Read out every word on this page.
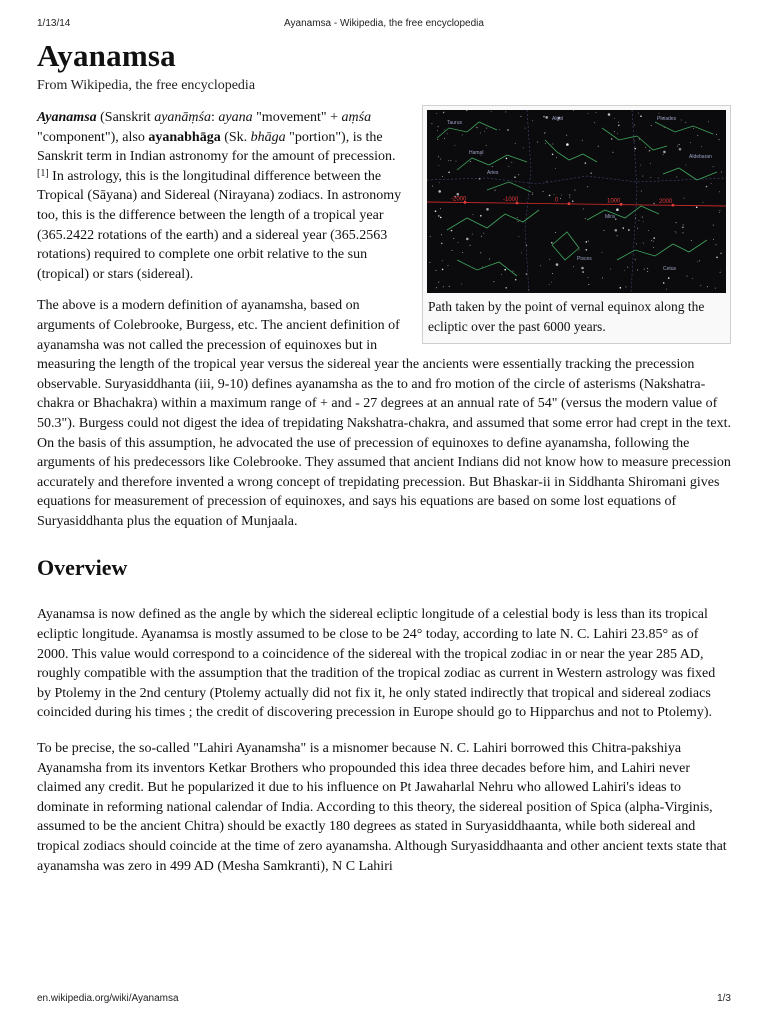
1/13/14	Ayanamsa - Wikipedia, the free encyclopedia
Ayanamsa
From Wikipedia, the free encyclopedia
-2000	-1000	0	1000	2000
Aries
Pisces
Cetus
Taurus
Hamal
Mira
Algol
Aldebaran
Pleiades
Path taken by the point of vernal equinox along the ecliptic over the past 6000 years.

Ayanamsa (Sanskrit ayanāṃśa: ayana "movement" + aṃśa "component"), also ayanabhāga (Sk. bhāga "portion"), is the Sanskrit term in Indian astronomy for the amount of precession.[1] In astrology, this is the longitudinal difference between the Tropical (Sāyana) and Sidereal (Nirayana) zodiacs. In astronomy too, this is the difference between the length of a tropical year (365.2422 rotations of the earth) and a sidereal year (365.2563 rotations) required to complete one orbit relative to the sun (tropical) or stars (sidereal).

The above is a modern definition of ayanamsha, based on arguments of Colebrooke, Burgess, etc. The ancient definition of ayanamsha was not called the precession of equinoxes but in measuring the length of the tropical year versus the sidereal year the ancients were essentially tracking the precession observable. Suryasiddhanta (iii, 9-10) defines ayanamsha as the to and fro motion of the circle of asterisms (Nakshatra-chakra or Bhachakra) within a maximum range of + and - 27 degrees at an annual rate of 54" (versus the modern value of 50.3"). Burgess could not digest the idea of trepidating Nakshatra-chakra, and assumed that some error had crept in the text. On the basis of this assumption, he advocated the use of precession of equinoxes to define ayanamsha, following the arguments of his predecessors like Colebrooke. They assumed that ancient Indians did not know how to measure precession accurately and therefore invented a wrong concept of trepidating precession. But Bhaskar-ii in Siddhanta Shiromani gives equations for measurement of precession of equinoxes, and says his equations are based on some lost equations of Suryasiddhanta plus the equation of Munjaala.

Overview

Ayanamsa is now defined as the angle by which the sidereal ecliptic longitude of a celestial body is less than its tropical ecliptic longitude. Ayanamsa is mostly assumed to be close to be 24° today, according to late N. C. Lahiri 23.85° as of 2000. This value would correspond to a coincidence of the sidereal with the tropical zodiac in or near the year 285 AD, roughly compatible with the assumption that the tradition of the tropical zodiac as current in Western astrology was fixed by Ptolemy in the 2nd century (Ptolemy actually did not fix it, he only stated indirectly that tropical and sidereal zodiacs coincided during his times ; the credit of discovering precession in Europe should go to Hipparchus and not to Ptolemy).

To be precise, the so-called "Lahiri Ayanamsha" is a misnomer because N. C. Lahiri borrowed this Chitra-pakshiya Ayanamsha from its inventors Ketkar Brothers who propounded this idea three decades before him, and Lahiri never claimed any credit. But he popularized it due to his influence on Pt Jawaharlal Nehru who allowed Lahiri's ideas to dominate in reforming national calendar of India. According to this theory, the sidereal position of Spica (alpha-Virginis, assumed to be the ancient Chitra) should be exactly 180 degrees as stated in Suryasiddhaanta, while both sidereal and tropical zodiacs should coincide at the time of zero ayanamsha. Although Suryasiddhaanta and other ancient texts state that ayanamsha was zero in 499 AD (Mesha Samkranti), N C Lahiri

en.wikipedia.org/wiki/Ayanamsa	1/3
